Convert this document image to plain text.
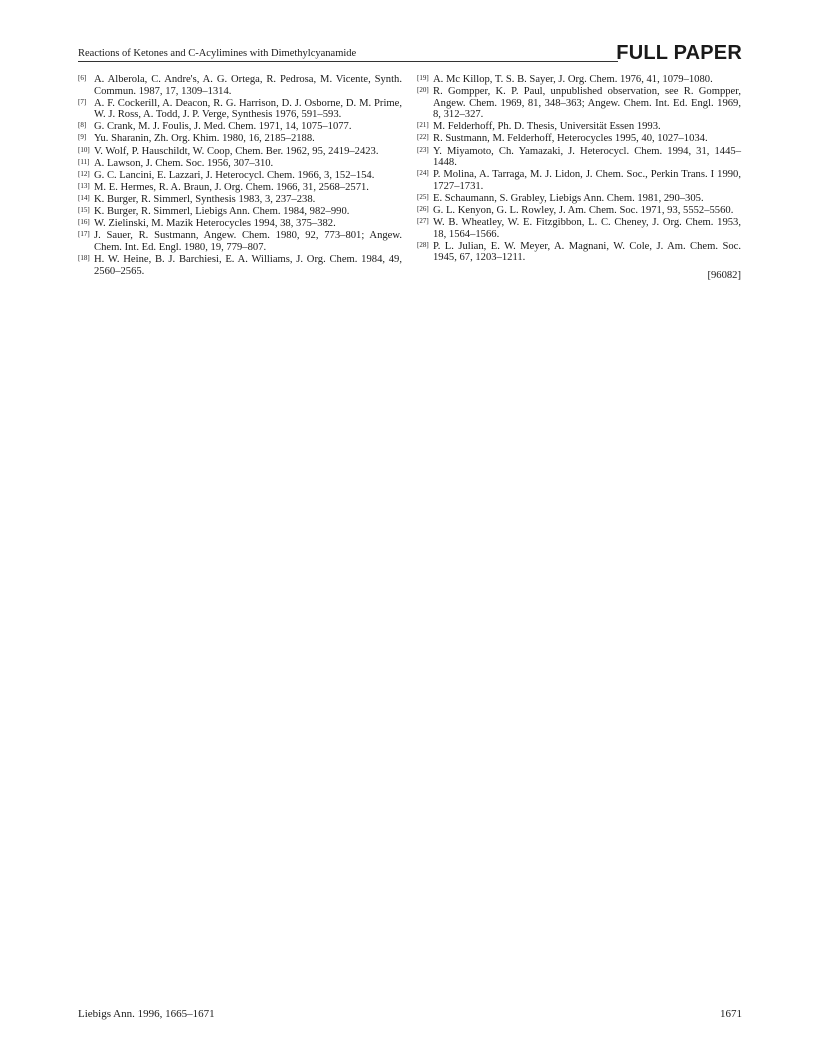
Reactions of Ketones and C-Acylimines with Dimethylcyanamide	FULL PAPER
[6] A. Alberola, C. Andre's, A. G. Ortega, R. Pedrosa, M. Vicente, Synth. Commun. 1987, 17, 1309–1314.
[7] A. F. Cockerill, A. Deacon, R. G. Harrison, D. J. Osborne, D. M. Prime, W. J. Ross, A. Todd, J. P. Verge, Synthesis 1976, 591–593.
[8] G. Crank, M. J. Foulis, J. Med. Chem. 1971, 14, 1075–1077.
[9] Yu. Sharanin, Zh. Org. Khim. 1980, 16, 2185–2188.
[10] V. Wolf, P. Hauschildt, W. Coop, Chem. Ber. 1962, 95, 2419–2423.
[11] A. Lawson, J. Chem. Soc. 1956, 307–310.
[12] G. C. Lancini, E. Lazzari, J. Heterocycl. Chem. 1966, 3, 152–154.
[13] M. E. Hermes, R. A. Braun, J. Org. Chem. 1966, 31, 2568–2571.
[14] K. Burger, R. Simmerl, Synthesis 1983, 3, 237–238.
[15] K. Burger, R. Simmerl, Liebigs Ann. Chem. 1984, 982–990.
[16] W. Zielinski, M. Mazik Heterocycles 1994, 38, 375–382.
[17] J. Sauer, R. Sustmann, Angew. Chem. 1980, 92, 773–801; Angew. Chem. Int. Ed. Engl. 1980, 19, 779–807.
[18] H. W. Heine, B. J. Barchiesi, E. A. Williams, J. Org. Chem. 1984, 49, 2560–2565.
[19] A. Mc Killop, T. S. B. Sayer, J. Org. Chem. 1976, 41, 1079–1080.
[20] R. Gompper, K. P. Paul, unpublished observation, see R. Gompper, Angew. Chem. 1969, 81, 348–363; Angew. Chem. Int. Ed. Engl. 1969, 8, 312–327.
[21] M. Felderhoff, Ph. D. Thesis, Universität Essen 1993.
[22] R. Sustmann, M. Felderhoff, Heterocycles 1995, 40, 1027–1034.
[23] Y. Miyamoto, Ch. Yamazaki, J. Heterocycl. Chem. 1994, 31, 1445–1448.
[24] P. Molina, A. Tarraga, M. J. Lidon, J. Chem. Soc., Perkin Trans. I 1990, 1727–1731.
[25] E. Schaumann, S. Grabley, Liebigs Ann. Chem. 1981, 290–305.
[26] G. L. Kenyon, G. L. Rowley, J. Am. Chem. Soc. 1971, 93, 5552–5560.
[27] W. B. Wheatley, W. E. Fitzgibbon, L. C. Cheney, J. Org. Chem. 1953, 18, 1564–1566.
[28] P. L. Julian, E. W. Meyer, A. Magnani, W. Cole, J. Am. Chem. Soc. 1945, 67, 1203–1211.
[96082]
Liebigs Ann. 1996, 1665–1671	1671
